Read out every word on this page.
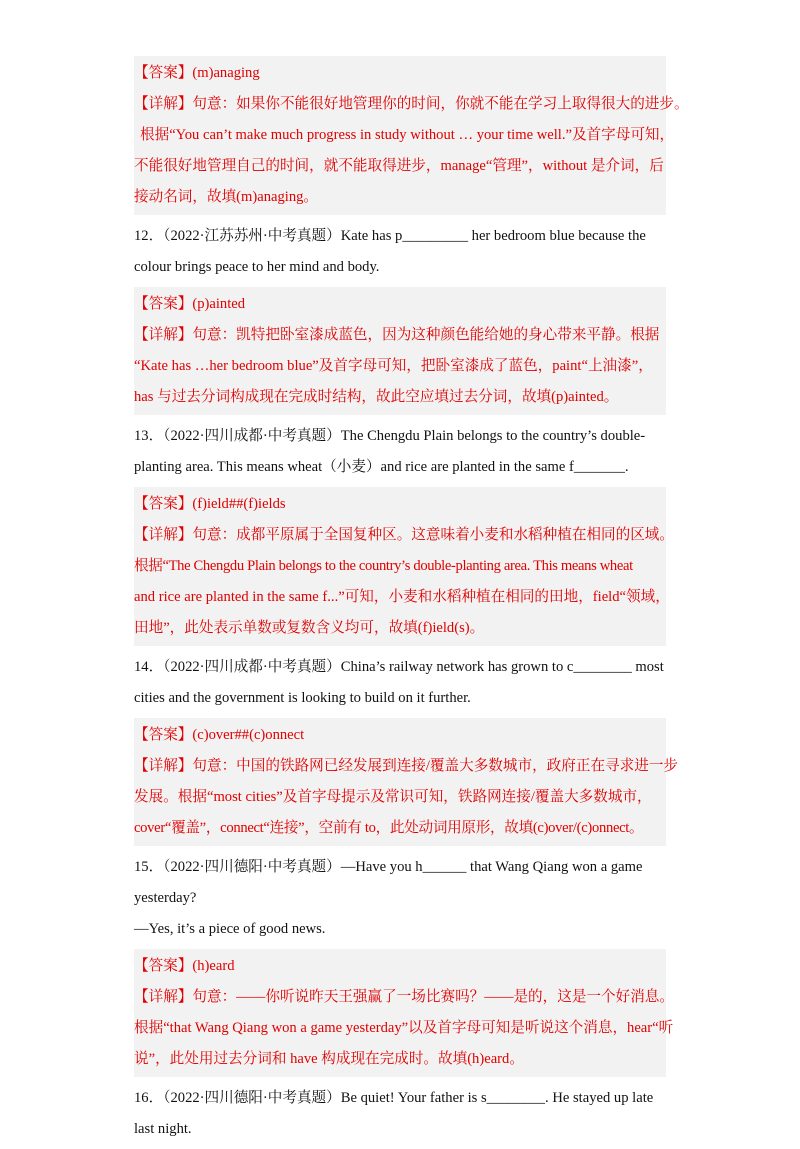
【答案】(m)anaging
【详解】句意：如果你不能很好地管理你的时间，你就不能在学习上取得很大的进步。
根据“You can’t make much progress in study without … your time well.”及首字母可知，
不能很好地管理自己的时间，就不能取得进步，manage“管理”，without 是介词，后
接动名词，故填(m)anaging。
12．（2022·江苏苏州·中考真题）Kate has p_________ her bedroom blue because the
colour brings peace to her mind and body.
【答案】(p)ainted
【详解】句意：凯特把卧室漆成蓝色，因为这种颜色能给她的身心带来平静。根据
“Kate has …her bedroom blue”及首字母可知，把卧室漆成了蓝色，paint“上油漆”，
has 与过去分词构成现在完成时结构，故此空应填过去分词，故填(p)ainted。
13．（2022·四川成都·中考真题）The Chengdu Plain belongs to the country’s double-
planting area. This means wheat（小麦）and rice are planted in the same f_______.
【答案】(f)ield##(f)ields
【详解】句意：成都平原属于全国复种区。这意味着小麦和水稻种植在相同的区域。
根据“The Chengdu Plain belongs to the country’s double-planting area. This means wheat
and rice are planted in the same f...”可知，小麦和水稻种植在相同的田地，field“领域，
田地”，此处表示单数或复数含义均可，故填(f)ield(s)。
14．（2022·四川成都·中考真题）China’s railway network has grown to c________ most
cities and the government is looking to build on it further.
【答案】(c)over##(c)onnect
【详解】句意：中国的铁路网已经发展到连接/覆盖大多数城市，政府正在寻求进一步
发展。根据“most cities”及首字母提示及常识可知，铁路网连接/覆盖大多数城市，
cover“覆盖”，connect“连接”，空前有 to，此处动词用原形，故填(c)over/(c)onnect。
15．（2022·四川德阳·中考真题）—Have you h______ that Wang Qiang won a game
yesterday?
—Yes, it’s a piece of good news.
【答案】(h)eard
【详解】句意：——你听说昨天王强赢了一场比赛吗？——是的，这是一个好消息。
根据“that Wang Qiang won a game yesterday”以及首字母可知是听说这个消息，hear“听
说”，此处用过去分词和 have 构成现在完成时。故填(h)eard。
16．（2022·四川德阳·中考真题）Be quiet! Your father is s________. He stayed up late
last night.
